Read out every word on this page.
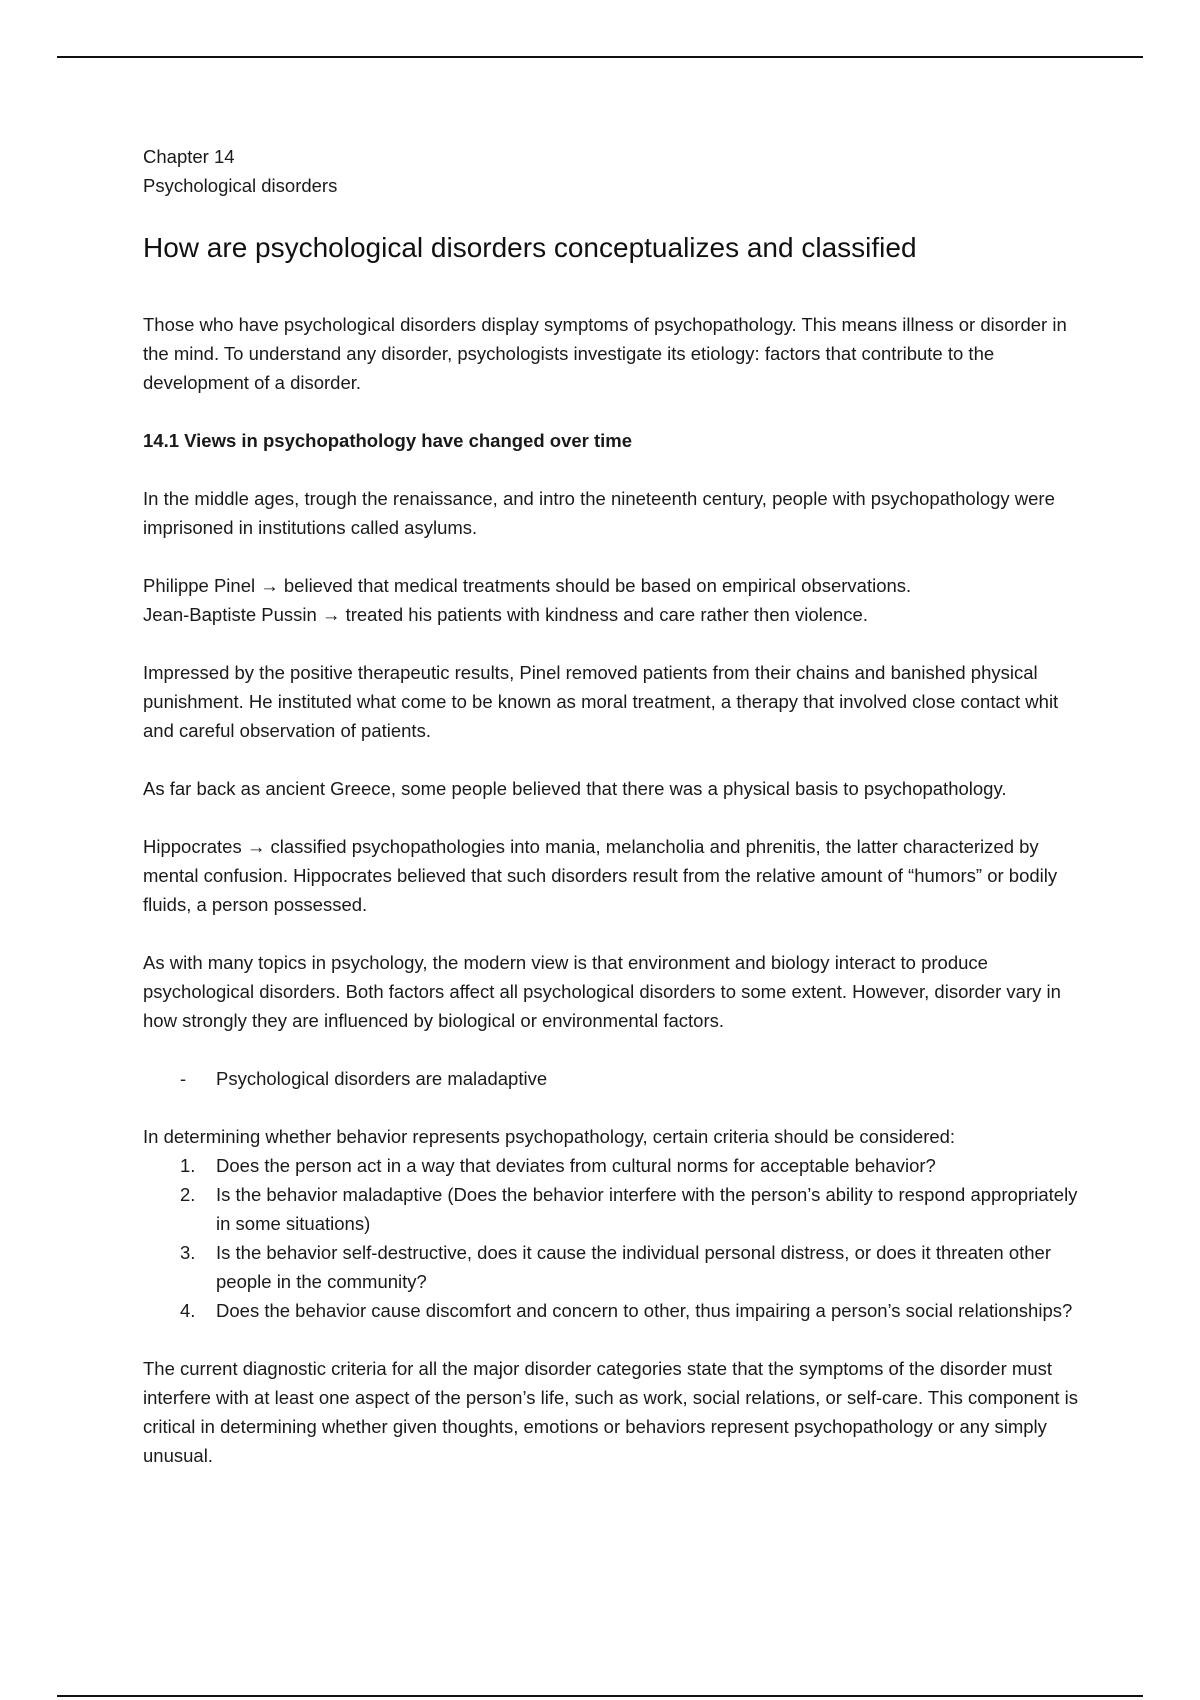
Chapter 14

Psychological disorders

How are psychological disorders conceptualizes and classified

Those who have psychological disorders display symptoms of psychopathology. This means illness or disorder in the mind. To understand any disorder, psychologists investigate its etiology: factors that contribute to the development of a disorder.

14.1 Views in psychopathology have changed over time

In the middle ages, trough the renaissance, and intro the nineteenth century, people with psychopathology were imprisoned in institutions called asylums.

Philippe Pinel → believed that medical treatments should be based on empirical observations.

Jean-Baptiste Pussin → treated his patients with kindness and care rather then violence.

Impressed by the positive therapeutic results, Pinel removed patients from their chains and banished physical punishment. He instituted what come to be known as moral treatment, a therapy that involved close contact whit and careful observation of patients.

As far back as ancient Greece, some people believed that there was a physical basis to psychopathology.

Hippocrates → classified psychopathologies into mania, melancholia and phrenitis, the latter characterized by mental confusion. Hippocrates believed that such disorders result from the relative amount of “humors” or bodily fluids, a person possessed.

As with many topics in psychology, the modern view is that environment and biology interact to produce psychological disorders. Both factors affect all psychological disorders to some extent. However, disorder vary in how strongly they are influenced by biological or environmental factors.

- Psychological disorders are maladaptive

In determining whether behavior represents psychopathology, certain criteria should be considered:

1. Does the person act in a way that deviates from cultural norms for acceptable behavior?
2. Is the behavior maladaptive (Does the behavior interfere with the person’s ability to respond appropriately in some situations)
3. Is the behavior self-destructive, does it cause the individual personal distress, or does it threaten other people in the community?
4. Does the behavior cause discomfort and concern to other, thus impairing a person’s social relationships?

The current diagnostic criteria for all the major disorder categories state that the symptoms of the disorder must interfere with at least one aspect of the person’s life, such as work, social relations, or self-care. This component is critical in determining whether given thoughts, emotions or behaviors represent psychopathology or any simply unusual.
